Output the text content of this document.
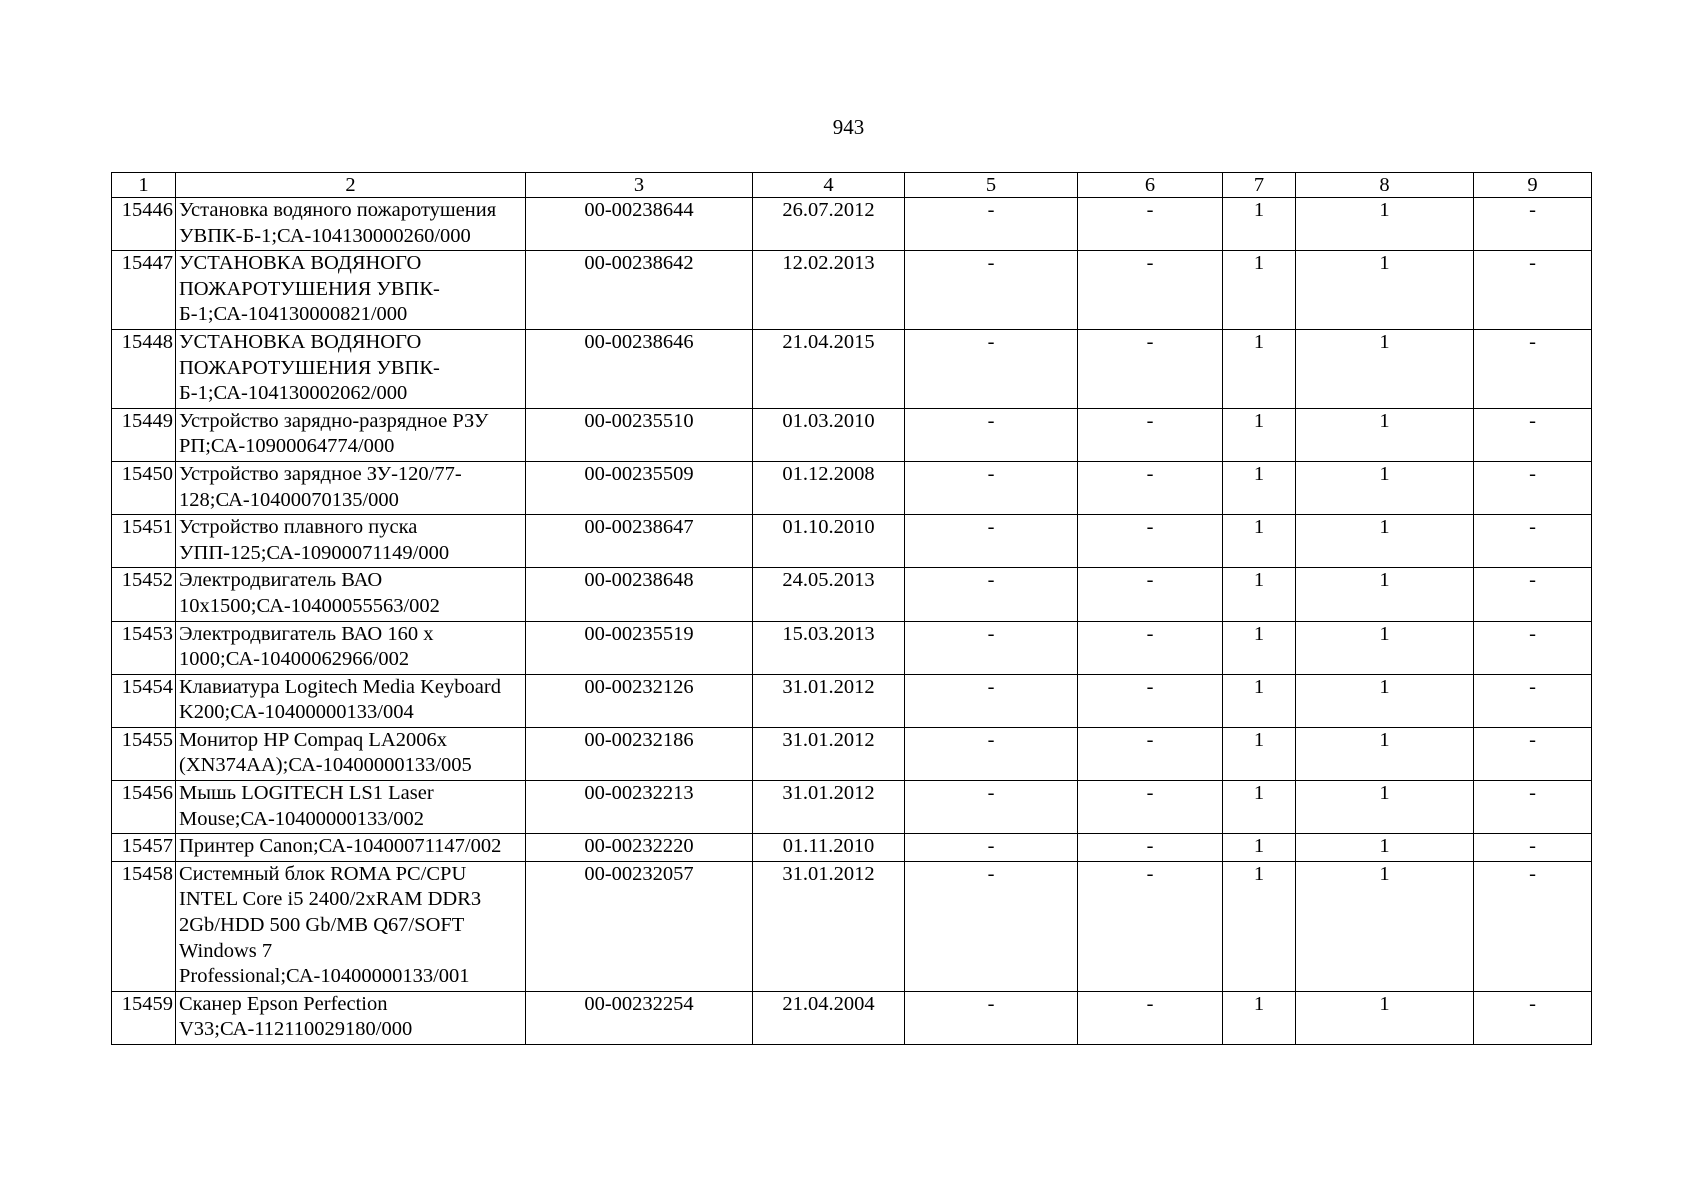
943
1	2	3	4	5	6	7	8	9
15446	Установка водяного пожаротушения УВПК-Б-1;СА-104130000260/000	00-00238644	26.07.2012	-	-	1	1	-
15447	УСТАНОВКА ВОДЯНОГО ПОЖАРОТУШЕНИЯ УВПК-Б-1;СА-104130000821/000	00-00238642	12.02.2013	-	-	1	1	-
15448	УСТАНОВКА ВОДЯНОГО ПОЖАРОТУШЕНИЯ УВПК-Б-1;СА-104130002062/000	00-00238646	21.04.2015	-	-	1	1	-
15449	Устройство зарядно-разрядное РЗУ РП;СА-10900064774/000	00-00235510	01.03.2010	-	-	1	1	-
15450	Устройство зарядное ЗУ-120/77-128;СА-10400070135/000	00-00235509	01.12.2008	-	-	1	1	-
15451	Устройство плавного пуска УПП-125;СА-10900071149/000	00-00238647	01.10.2010	-	-	1	1	-
15452	Электродвигатель ВАО 10х1500;СА-10400055563/002	00-00238648	24.05.2013	-	-	1	1	-
15453	Электродвигатель ВАО 160 х 1000;СА-10400062966/002	00-00235519	15.03.2013	-	-	1	1	-
15454	Клавиатура Logitech Media Keyboard K200;СА-10400000133/004	00-00232126	31.01.2012	-	-	1	1	-
15455	Монитор HP Compaq LA2006x (XN374AA);СА-10400000133/005	00-00232186	31.01.2012	-	-	1	1	-
15456	Мышь LOGITECH LS1 Laser Mouse;СА-10400000133/002	00-00232213	31.01.2012	-	-	1	1	-
15457	Принтер Canon;СА-10400071147/002	00-00232220	01.11.2010	-	-	1	1	-
15458	Системный блок ROMA PC/CPU INTEL Core i5 2400/2xRAM DDR3 2Gb/HDD 500 Gb/MB Q67/SOFT Windows 7 Professional;СА-10400000133/001	00-00232057	31.01.2012	-	-	1	1	-
15459	Сканер Epson Perfection V33;СА-112110029180/000	00-00232254	21.04.2004	-	-	1	1	-
